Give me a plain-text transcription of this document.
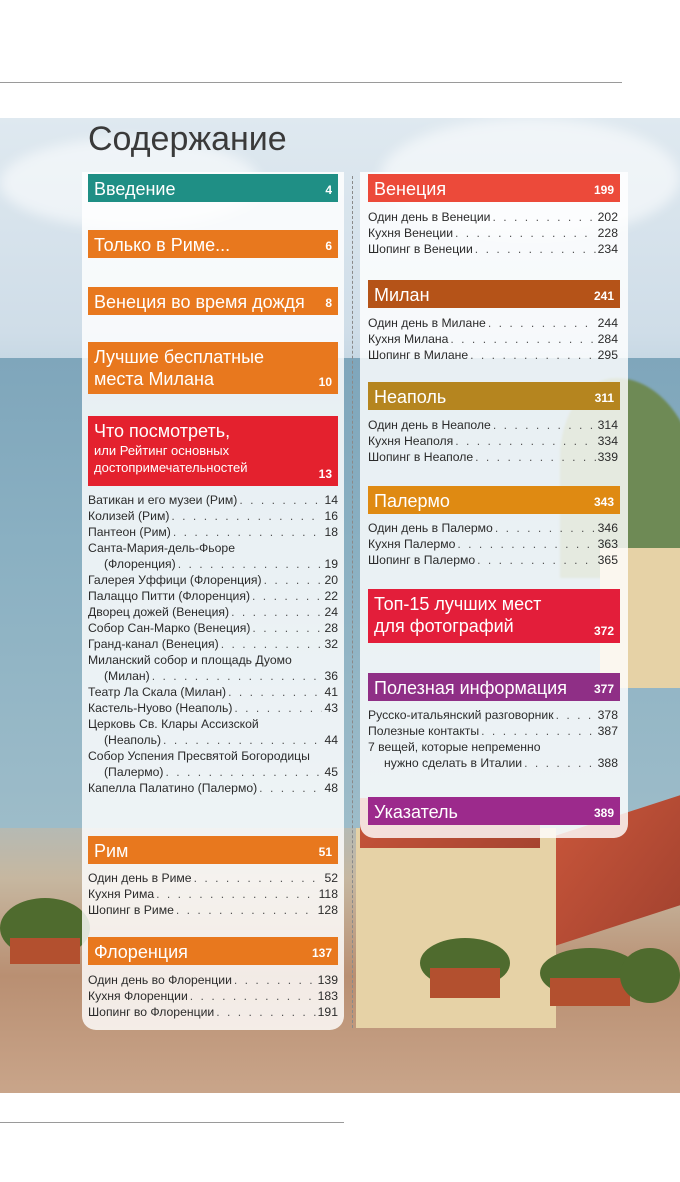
Содержание
Введение	4
Только в Риме...	6
Венеция во время дождя	8
Лучшие бесплатные
места Милана	10
Что посмотреть,
или Рейтинг основных
достопримечательностей	13
Ватикан и его музеи (Рим) . . .	14
Колизей (Рим) . . .	16
Пантеон (Рим) . . .	18
Санта-Мария-дель-Фьоре
(Флоренция) . . .	19
Галерея Уффици (Флоренция) . . .	20
Палаццо Питти (Флоренция) . . .	22
Дворец дожей (Венеция) . . .	24
Собор Сан-Марко (Венеция) . . .	28
Гранд-канал (Венеция) . . .	32
Миланский собор и площадь Дуомо
(Милан) . . .	36
Театр Ла Скала (Милан) . . .	41
Кастель-Нуово (Неаполь) . . .	43
Церковь Св. Клары Ассизской
(Неаполь) . . .	44
Собор Успения Пресвятой Богородицы
(Палермо) . . .	45
Капелла Палатино (Палермо) . . .	48
Рим	51
Один день в Риме . . .	52
Кухня Рима . . .	118
Шопинг в Риме . . .	128
Флоренция	137
Один день во Флоренции . . .	139
Кухня Флоренции . . .	183
Шопинг во Флоренции . . .	191
Венеция	199
Один день в Венеции . . .	202
Кухня Венеции . . .	228
Шопинг в Венеции . . .	234
Милан	241
Один день в Милане . . .	244
Кухня Милана . . .	284
Шопинг в Милане . . .	295
Неаполь	311
Один день в Неаполе . . .	314
Кухня Неаполя . . .	334
Шопинг в Неаполе . . .	339
Палермо	343
Один день в Палермо . . .	346
Кухня Палермо . . .	363
Шопинг в Палермо . . .	365
Топ-15 лучших мест
для фотографий	372
Полезная информация	377
Русско-итальянский разговорник . . .	378
Полезные контакты . . .	387
7 вещей, которые непременно
нужно сделать в Италии . . .	388
Указатель	389
